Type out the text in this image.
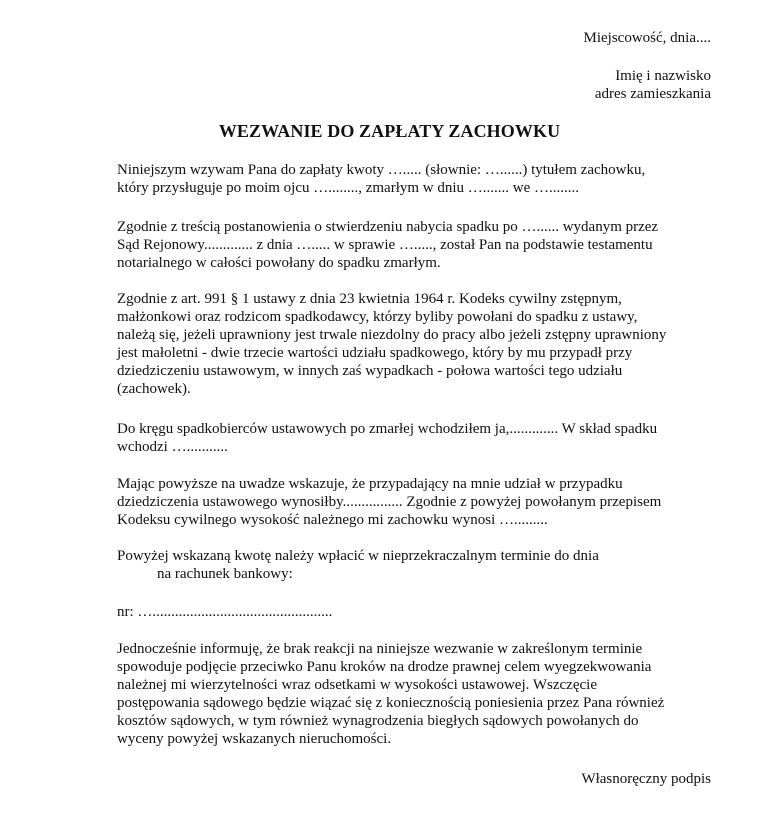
Miejscowość, dnia....
Imię i nazwisko
adres zamieszkania
WEZWANIE DO ZAPŁATY ZACHOWKU
Niniejszym wzywam Pana do zapłaty kwoty …..... (słownie: …......) tytułem zachowku,
który przysługuje po moim ojcu …........, zmarłym w dniu …....... we …........
Zgodnie z treścią postanowienia o stwierdzeniu nabycia spadku po …...... wydanym przez
Sąd Rejonowy............. z dnia …..... w sprawie …....., został Pan na podstawie testamentu
notarialnego w całości powołany do spadku zmarłym.
Zgodnie z art. 991 § 1 ustawy z dnia 23 kwietnia 1964 r. Kodeks cywilny zstępnym,
małżonkowi oraz rodzicom spadkodawcy, którzy byliby powołani do spadku z ustawy,
należą się, jeżeli uprawniony jest trwale niezdolny do pracy albo jeżeli zstępny uprawniony
jest małoletni - dwie trzecie wartości udziału spadkowego, który by mu przypadł przy
dziedziczeniu ustawowym, w innych zaś wypadkach - połowa wartości tego udziału
(zachowek).
Do kręgu spadkobierców ustawowych po zmarłej wchodziłem ja,............. W skład spadku
wchodzi …...........
Mając powyższe na uwadze wskazuje, że przypadający na mnie udział w przypadku
dziedziczenia ustawowego wynosiłby................ Zgodnie z powyżej powołanym przepisem
Kodeksu cywilnego wysokość należnego mi zachowku wynosi ….........
Powyżej wskazaną kwotę należy wpłacić w nieprzekraczalnym terminie do dnia
na rachunek bankowy:
nr: …................................................
Jednocześnie informuję, że brak reakcji na niniejsze wezwanie w zakreślonym terminie
spowoduje podjęcie przeciwko Panu kroków na drodze prawnej celem wyegzekwowania
należnej mi wierzytelności wraz odsetkami w wysokości ustawowej. Wszczęcie
postępowania sądowego będzie wiązać się z koniecznością poniesienia przez Pana również
kosztów sądowych, w tym również wynagrodzenia biegłych sądowych powołanych do
wyceny powyżej wskazanych nieruchomości.
Własnoręczny podpis
